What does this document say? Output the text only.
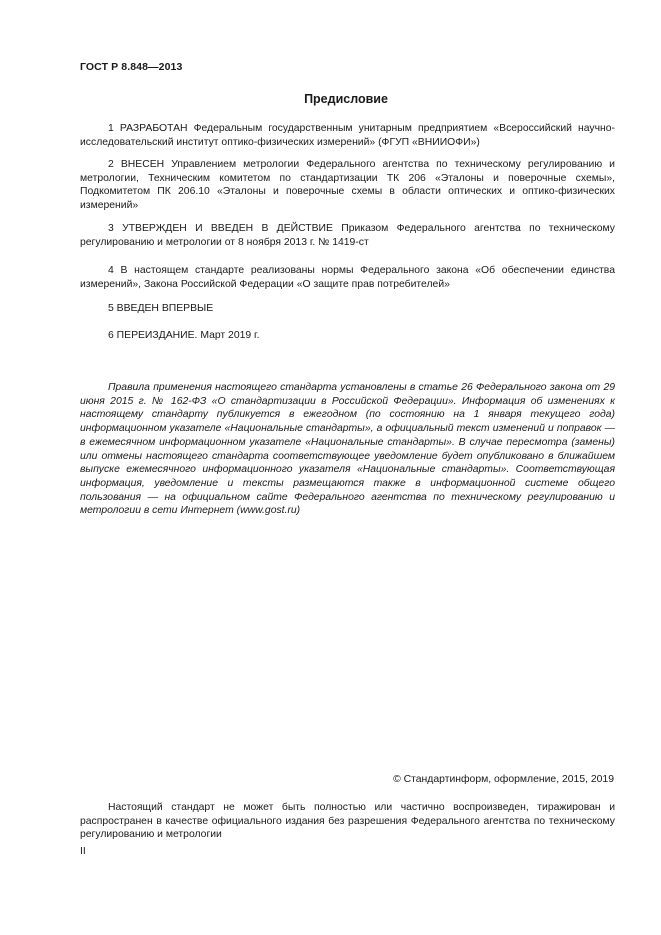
ГОСТ Р 8.848—2013
Предисловие

1 РАЗРАБОТАН Федеральным государственным унитарным предприятием «Всероссийский научно-исследовательский институт оптико-физических измерений» (ФГУП «ВНИИОФИ»)

2 ВНЕСЕН Управлением метрологии Федерального агентства по техническому регулированию и метрологии, Техническим комитетом по стандартизации ТК 206 «Эталоны и поверочные схемы», Подкомитетом ПК 206.10 «Эталоны и поверочные схемы в области оптических и оптико-физических измерений»

3 УТВЕРЖДЕН И ВВЕДЕН В ДЕЙСТВИЕ Приказом Федерального агентства по техническому регулированию и метрологии от 8 ноября 2013 г. № 1419-ст

4 В настоящем стандарте реализованы нормы Федерального закона «Об обеспечении единства измерений», Закона Российской Федерации «О защите прав потребителей»

5 ВВЕДЕН ВПЕРВЫЕ

6 ПЕРЕИЗДАНИЕ. Март 2019 г.

Правила применения настоящего стандарта установлены в статье 26 Федерального закона от 29 июня 2015 г. № 162-ФЗ «О стандартизации в Российской Федерации». Информация об изменениях к настоящему стандарту публикуется в ежегодном (по состоянию на 1 января текущего года) информационном указателе «Национальные стандарты», а официальный текст изменений и поправок — в ежемесячном информационном указателе «Национальные стандарты». В случае пересмотра (замены) или отмены настоящего стандарта соответствующее уведомление будет опубликовано в ближайшем выпуске ежемесячного информационного указателя «Национальные стандарты». Соответствующая информация, уведомление и тексты размещаются также в информационной системе общего пользования — на официальном сайте Федерального агентства по техническому регулированию и метрологии в сети Интернет (www.gost.ru)

© Стандартинформ, оформление, 2015, 2019

Настоящий стандарт не может быть полностью или частично воспроизведен, тиражирован и распространен в качестве официального издания без разрешения Федерального агентства по техническому регулированию и метрологии

II
